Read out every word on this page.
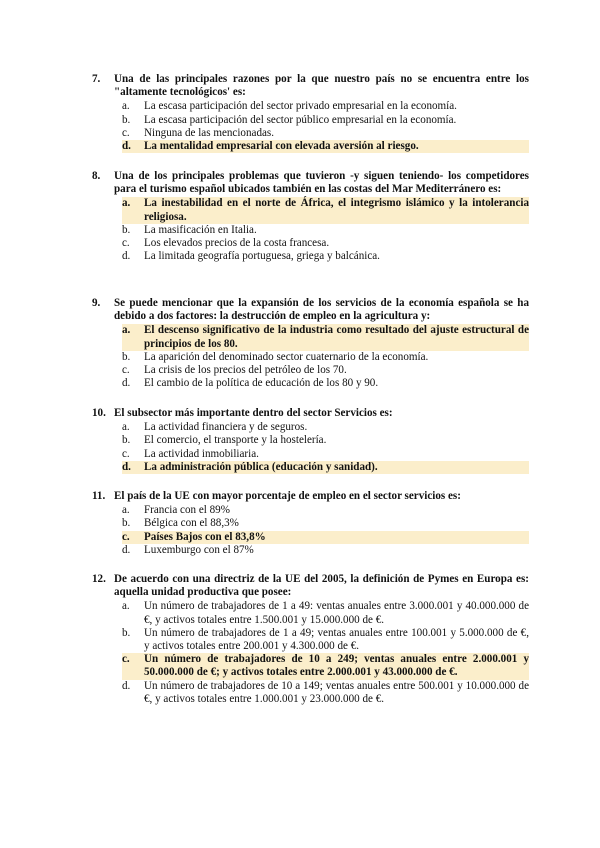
7.	Una de las principales razones por la que nuestro país no se encuentra entre los "altamente tecnológicos' es:
a.	La escasa participación del sector privado empresarial en la economía.
b.	La escasa participación del sector público empresarial en la economía.
c.	Ninguna de las mencionadas.
d.	La mentalidad empresarial con elevada aversión al riesgo.
8.	Una de los principales problemas que tuvieron -y siguen teniendo- los competidores para el turismo español ubicados también en las costas del Mar Mediterránero es:
a.	La inestabilidad en el norte de África, el integrismo islámico y la intolerancia religiosa.
b.	La masificación en Italia.
c.	Los elevados precios de la costa francesa.
d.	La limitada geografía portuguesa, griega y balcánica.
9.	Se puede mencionar que la expansión de los servicios de la economía española se ha debido a dos factores: la destrucción de empleo en la agricultura y:
a.	El descenso significativo de la industria como resultado del ajuste estructural de principios de los 80.
b.	La aparición del denominado sector cuaternario de la economía.
c.	La crisis de los precios del petróleo de los 70.
d.	El cambio de la política de educación de los 80 y 90.
10. El subsector más importante dentro del sector Servicios es:
a.	La actividad financiera y de seguros.
b.	El comercio, el transporte y la hostelería.
c.	La actividad inmobiliaria.
d.	La administración pública (educación y sanidad).
11. El país de la UE con mayor porcentaje de empleo en el sector servicios es:
a.	Francia con el 89%
b.	Bélgica con el 88,3%
c.	Países Bajos con el 83,8%
d.	Luxemburgo con el 87%
12. De acuerdo con una directriz de la UE del 2005, la definición de Pymes en Europa es: aquella unidad productiva que posee:
a.	Un número de trabajadores de 1 a 49: ventas anuales entre 3.000.001 y 40.000.000 de €, y activos totales entre 1.500.001 y 15.000.000 de €.
b.	Un número de trabajadores de 1 a 49; ventas anuales entre 100.001 y 5.000.000 de €, y activos totales entre 200.001 y 4.300.000 de €.
c.	Un número de trabajadores de 10 a 249; ventas anuales entre 2.000.001 y 50.000.000 de €; y activos totales entre 2.000.001 y 43.000.000 de €.
d.	Un número de trabajadores de 10 a 149; ventas anuales entre 500.001 y 10.000.000 de €, y activos totales entre 1.000.001 y 23.000.000 de €.
